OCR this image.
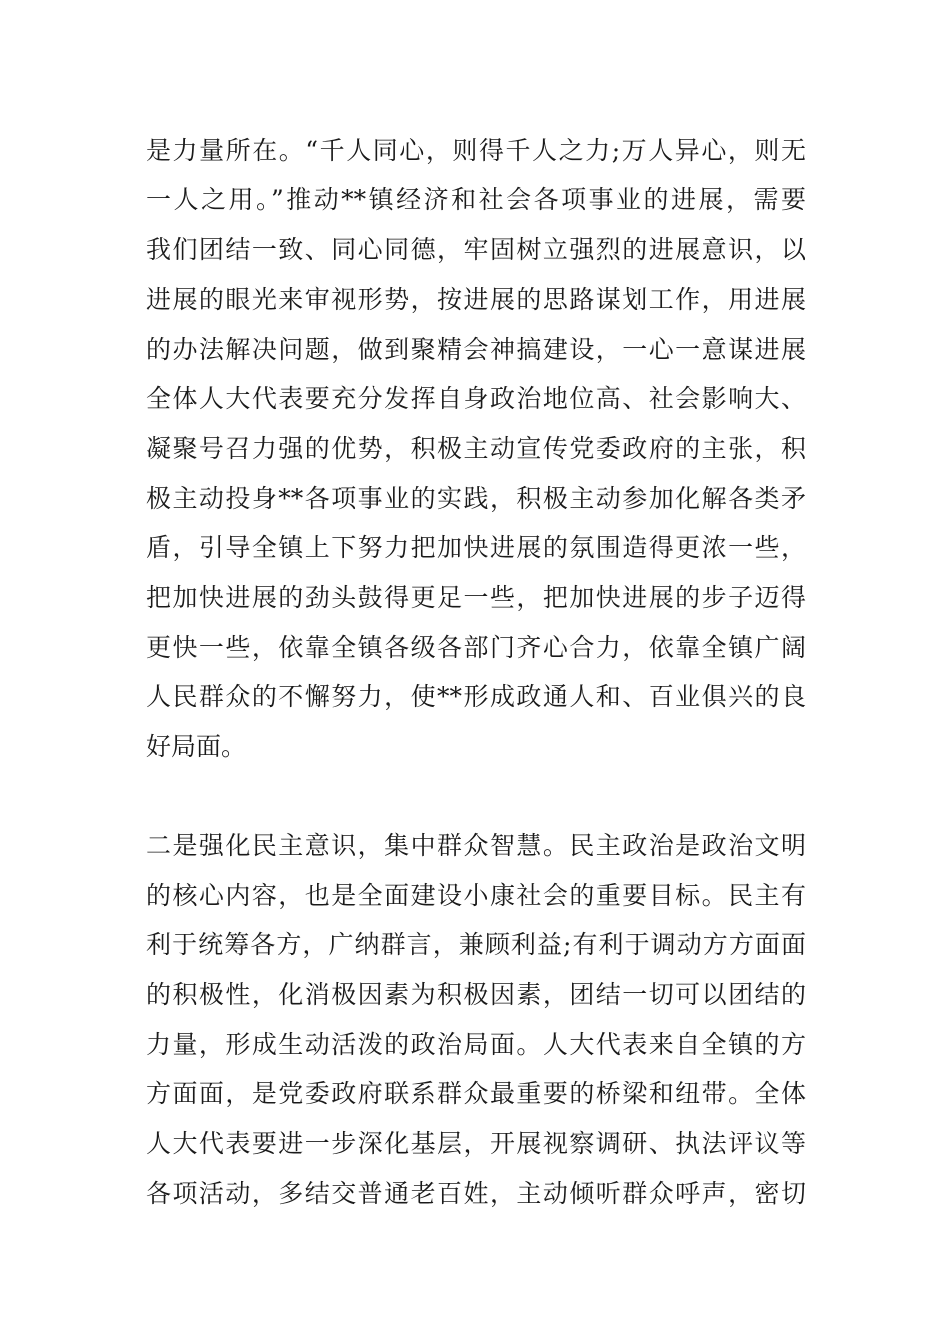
是力量所在。“千人同心，则得千人之力;万人异心，则无
一人之用。”推动**镇经济和社会各项事业的进展，需要
我们团结一致、同心同德，牢固树立强烈的进展意识，以
进展的眼光来审视形势，按进展的思路谋划工作，用进展
的办法解决问题，做到聚精会神搞建设，一心一意谋进展
全体人大代表要充分发挥自身政治地位高、社会影响大、
凝聚号召力强的优势，积极主动宣传党委政府的主张，积
极主动投身**各项事业的实践，积极主动参加化解各类矛
盾，引导全镇上下努力把加快进展的氛围造得更浓一些，
把加快进展的劲头鼓得更足一些，把加快进展的步子迈得
更快一些，依靠全镇各级各部门齐心合力，依靠全镇广阔
人民群众的不懈努力，使**形成政通人和、百业俱兴的良
好局面。
二是强化民主意识，集中群众智慧。民主政治是政治文明
的核心内容，也是全面建设小康社会的重要目标。民主有
利于统筹各方，广纳群言，兼顾利益;有利于调动方方面面
的积极性，化消极因素为积极因素，团结一切可以团结的
力量，形成生动活泼的政治局面。人大代表来自全镇的方
方面面，是党委政府联系群众最重要的桥梁和纽带。全体
人大代表要进一步深化基层，开展视察调研、执法评议等
各项活动，多结交普通老百姓，主动倾听群众呼声，密切
